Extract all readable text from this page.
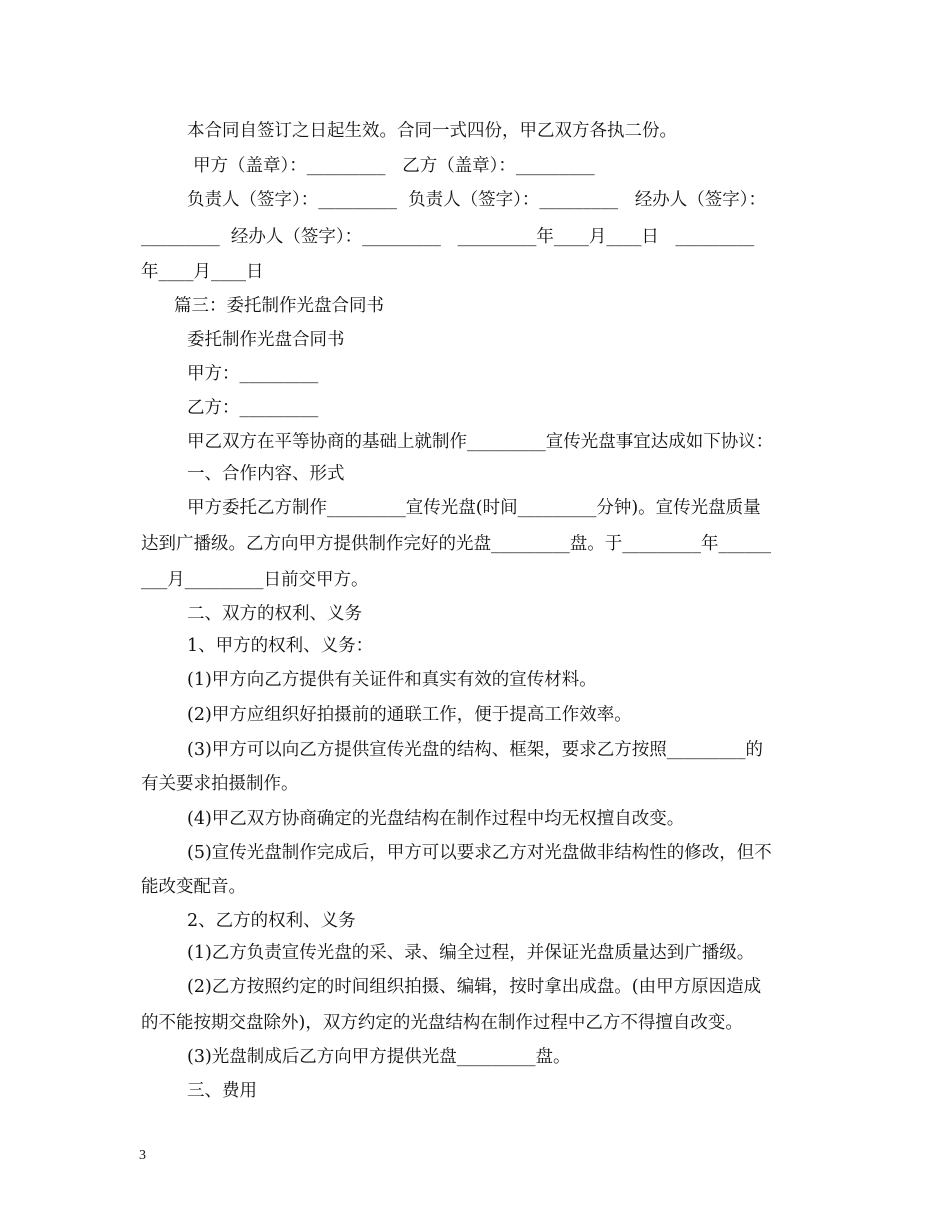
本合同自签订之日起生效。合同一式四份，甲乙双方各执二份。
甲方（盖章）：_________   乙方（盖章）：_________
负责人（签字）：_________  负责人（签字）：_________   经办人（签字）：
_________  经办人（签字）：_________   _________年____月____日   _________
年____月____日
篇三：委托制作光盘合同书
委托制作光盘合同书
甲方：_________
乙方：_________
甲乙双方在平等协商的基础上就制作_________宣传光盘事宜达成如下协议：
一、合作内容、形式
甲方委托乙方制作_________宣传光盘(时间_________分钟)。宣传光盘质量
达到广播级。乙方向甲方提供制作完好的光盘_________盘。于_________年______
___月_________日前交甲方。
二、双方的权利、义务
1、甲方的权利、义务：
(1)甲方向乙方提供有关证件和真实有效的宣传材料。
(2)甲方应组织好拍摄前的通联工作，便于提高工作效率。
(3)甲方可以向乙方提供宣传光盘的结构、框架，要求乙方按照_________的
有关要求拍摄制作。
(4)甲乙双方协商确定的光盘结构在制作过程中均无权擅自改变。
(5)宣传光盘制作完成后，甲方可以要求乙方对光盘做非结构性的修改，但不
能改变配音。
2、乙方的权利、义务
(1)乙方负责宣传光盘的采、录、编全过程，并保证光盘质量达到广播级。
(2)乙方按照约定的时间组织拍摄、编辑，按时拿出成盘。(由甲方原因造成
的不能按期交盘除外)，双方约定的光盘结构在制作过程中乙方不得擅自改变。
(3)光盘制成后乙方向甲方提供光盘_________盘。
三、费用
3
